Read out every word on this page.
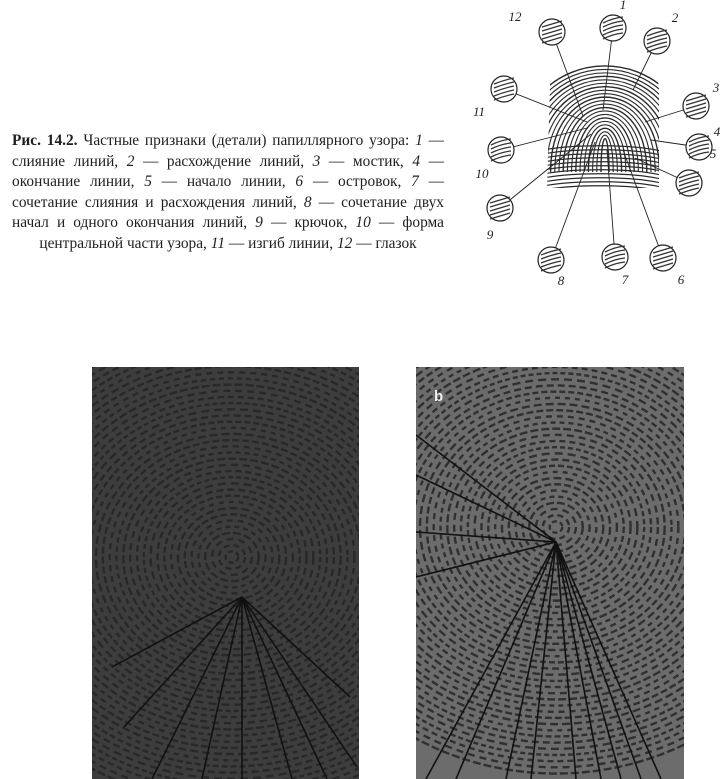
Рис. 14.2. Частные признаки (детали) папиллярного узора: 1 — слияние линий, 2 — расхождение линий, 3 — мостик, 4 — окончание линии, 5 — начало линии, 6 — островок, 7 — сочетание слияния и расхождения линий, 8 — сочетание двух начал и одного окончания линий, 9 — крючок, 10 — форма центральной части узора, 11 — изгиб линии, 12 — глазок
1
2
3
4
5
6
7
8
9
10
11
12
b
